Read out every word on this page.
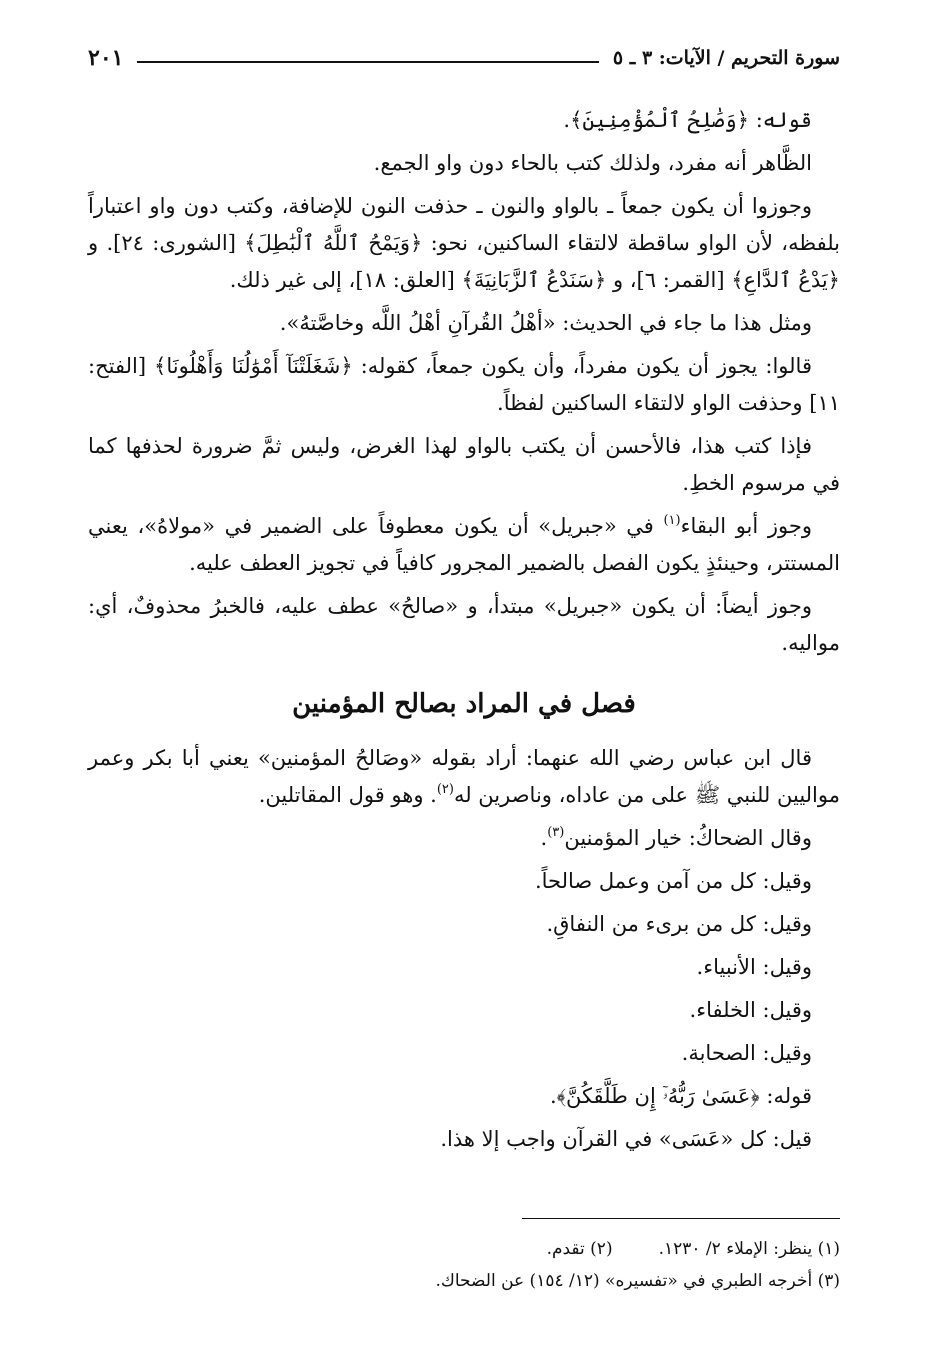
سورة التحريم / الآيات: ٣ ـ ٥
٢٠١

قوله: ﴿وَصَٰلِحُ ٱلْمُؤْمِنِينَ﴾.

الظَّاهر أنه مفرد، ولذلك كتب بالحاء دون واو الجمع.

وجوزوا أن يكون جمعاً ـ بالواو والنون ـ حذفت النون للإضافة، وكتب دون واو اعتباراً بلفظه، لأن الواو ساقطة لالتقاء الساكنين، نحو: ﴿وَيَمْحُ ٱللَّهُ ٱلْبَٰطِلَ﴾ [الشورى: ٢٤]. و ﴿يَدْعُ ٱلدَّاعِ﴾ [القمر: ٦]، و ﴿سَنَدْعُ ٱلزَّبَانِيَةَ﴾ [العلق: ١٨]، إلى غير ذلك.

ومثل هذا ما جاء في الحديث: «أهْلُ القُرآنِ أهْلُ اللَّه وخاصَّتهُ».

قالوا: يجوز أن يكون مفرداً، وأن يكون جمعاً، كقوله: ﴿شَغَلَتْنَآ أَمْوَٰلُنَا وَأَهْلُونَا﴾ [الفتح: ١١] وحذفت الواو لالتقاء الساكنين لفظاً.

فإذا كتب هذا، فالأحسن أن يكتب بالواو لهذا الغرض، وليس ثمَّ ضرورة لحذفها كما في مرسوم الخطِ.

وجوز أبو البقاء$^{(١)}$ في «جبريل» أن يكون معطوفاً على الضمير في «مولاهُ»، يعني المستتر، وحينئذٍ يكون الفصل بالضمير المجرور كافياً في تجويز العطف عليه.

وجوز أيضاً: أن يكون «جبريل» مبتدأ، و «صالحُ» عطف عليه، فالخبرُ محذوفٌ، أي: مواليه.

فصل في المراد بصالح المؤمنين

قال ابن عباس رضي الله عنهما: أراد بقوله «وصَالحُ المؤمنين» يعني أبا بكر وعمر مواليين للنبي ﷺ على من عاداه، وناصرين له$^{(٢)}$. وهو قول المقاتلين.

وقال الضحاكُ: خيار المؤمنين$^{(٣)}$.

وقيل: كل من آمن وعمل صالحاً.

وقيل: كل من برىء من النفاقِ.

وقيل: الأنبياء.

وقيل: الخلفاء.

وقيل: الصحابة.

قوله: ﴿عَسَىٰ رَبُّهُۥٓ إِن طَلَّقَكُنَّ﴾.

قيل: كل «عَسَى» في القرآن واجب إلا هذا.

(١) ينظر: الإملاء ٢/ ١٢٣٠.
(٢) تقدم.
(٣) أخرجه الطبري في «تفسيره» (١٢/ ١٥٤) عن الضحاك.
